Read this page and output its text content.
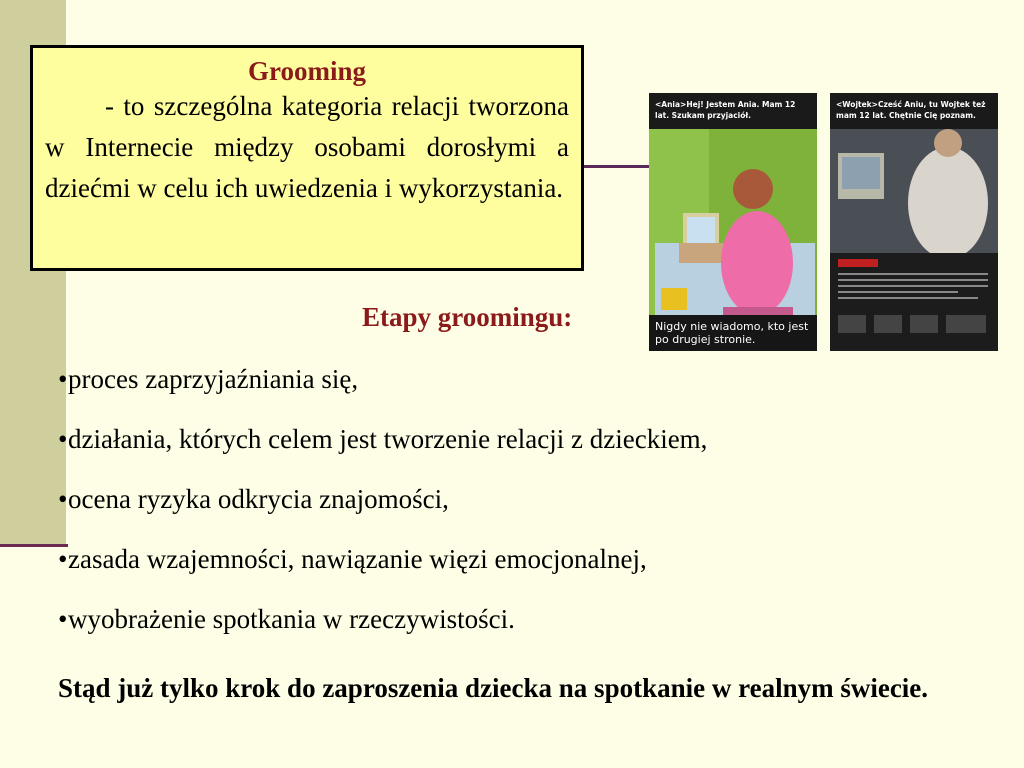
Grooming

- to szczególna kategoria relacji tworzona w Internecie między osobami dorosłymi a dziećmi w celu ich uwiedzenia i wykorzystania.

Etapy groomingu:

•proces zaprzyjaźniania się,
•działania, których celem jest tworzenie relacji z dzieckiem,
•ocena ryzyka odkrycia znajomości,
•zasada wzajemności, nawiązanie więzi emocjonalnej,
•wyobrażenie spotkania w rzeczywistości.

Stąd już tylko krok do zaproszenia dziecka na spotkanie w realnym świecie.

<Ania>Hej! Jestem Ania. Mam 12 lat. Szukam przyjaciół.
Nigdy nie wiadomo, kto jest po drugiej stronie.
<Wojtek>Cześć Aniu, tu Wojtek też mam 12 lat. Chętnie Cię poznam.
